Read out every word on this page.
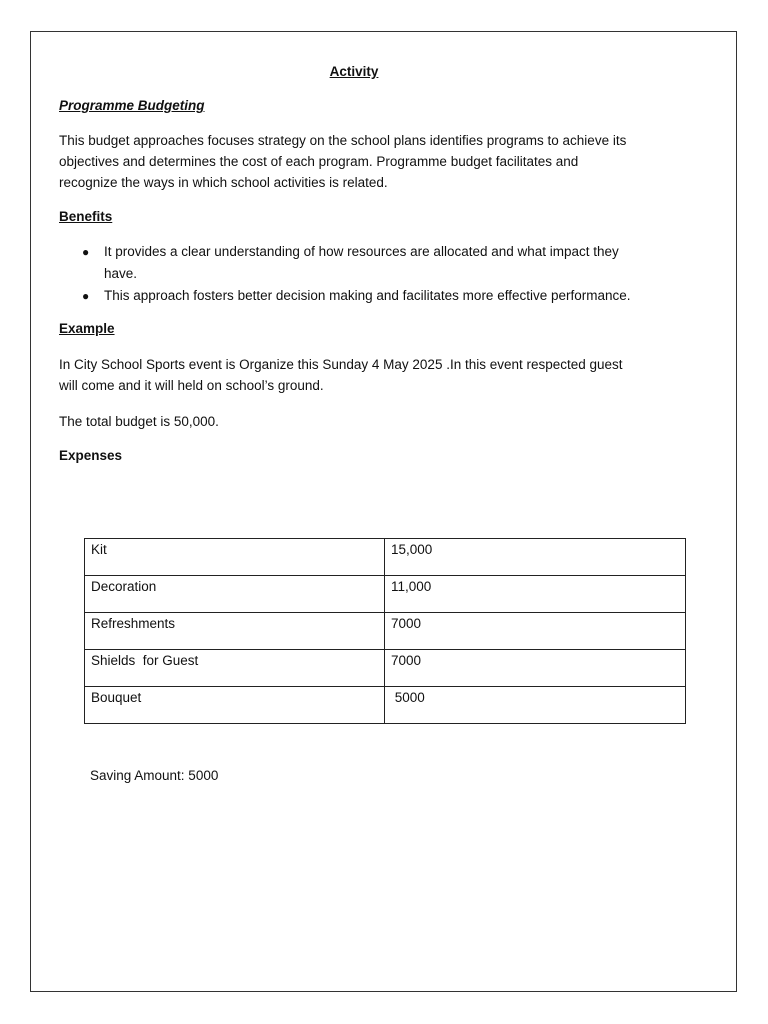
Activity

Programme Budgeting

This budget approaches focuses strategy on the school plans identifies programs to achieve its objectives and determines the cost of each program. Programme budget facilitates and recognize the ways in which school activities is related.

Benefits

● It provides a clear understanding of how resources are allocated and what impact they have.
● This approach fosters better decision making and facilitates more effective performance.

Example

In City School Sports event is Organize this Sunday 4 May 2025 .In this event respected guest will come and it will held on school’s ground.

The total budget is 50,000.

Expenses

Kit	15,000
Decoration	11,000
Refreshments	7000
Shields  for Guest	7000
Bouquet	5000

Saving Amount: 5000
